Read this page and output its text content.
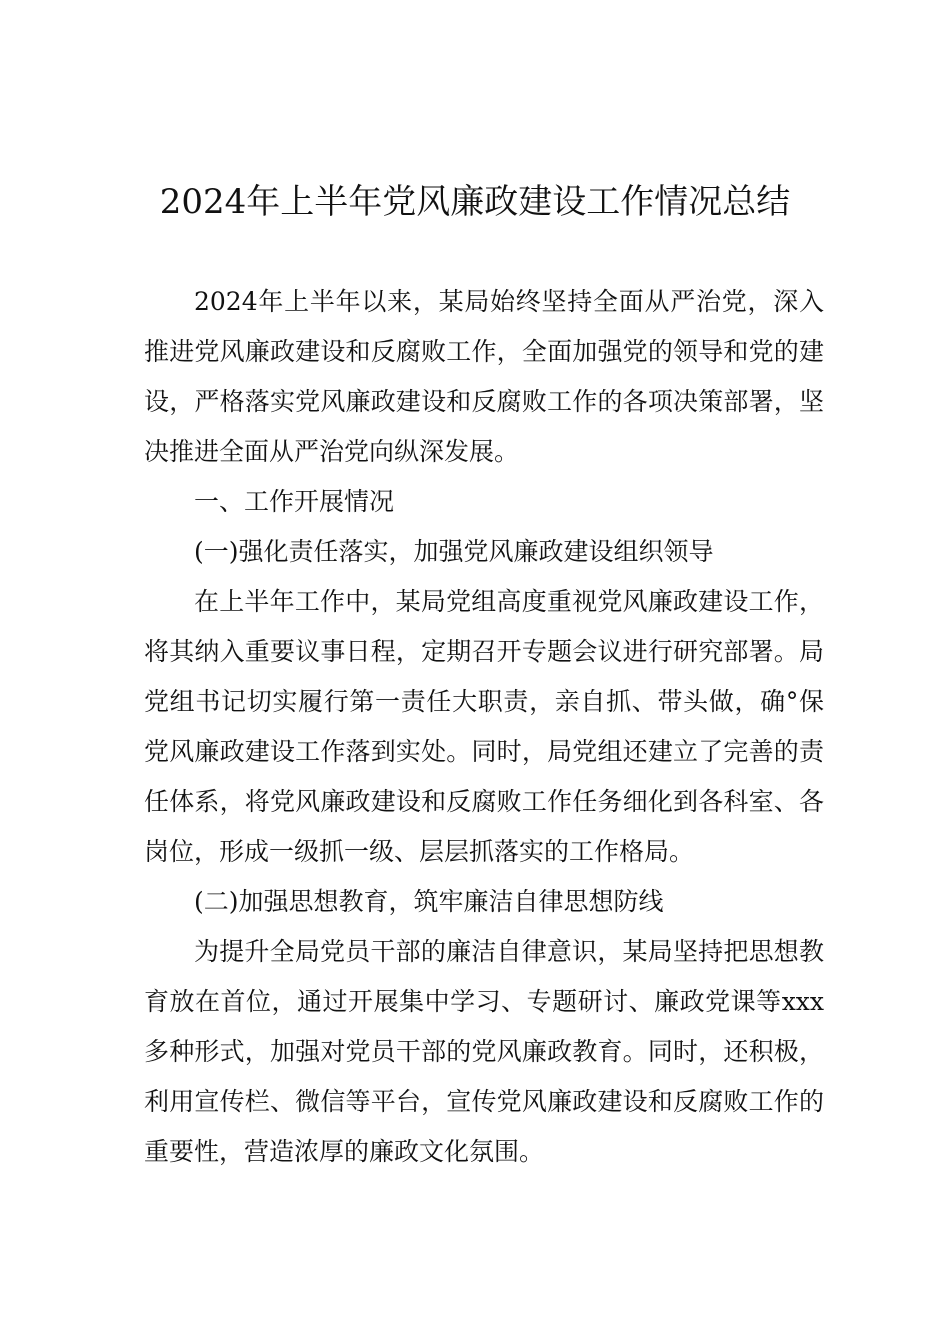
2024年上半年党风廉政建设工作情况总结

2024年上半年以来，某局始终坚持全面从严治党，深入推进党风廉政建设和反腐败工作，全面加强党的领导和党的建设，严格落实党风廉政建设和反腐败工作的各项决策部署，坚决推进全面从严治党向纵深发展。

一、工作开展情况

(一)强化责任落实，加强党风廉政建设组织领导

在上半年工作中，某局党组高度重视党风廉政建设工作，将其纳入重要议事日程，定期召开专题会议进行研究部署。局党组书记切实履行第一责任大职责，亲自抓、带头做，确°保党风廉政建设工作落到实处。同时，局党组还建立了完善的责任体系，将党风廉政建设和反腐败工作任务细化到各科室、各岗位，形成一级抓一级、层层抓落实的工作格局。

(二)加强思想教育，筑牢廉洁自律思想防线

为提升全局党员干部的廉洁自律意识，某局坚持把思想教育放在首位，通过开展集中学习、专题研讨、廉政党课等xxx多种形式，加强对党员干部的党风廉政教育。同时，还积极，利用宣传栏、微信等平台，宣传党风廉政建设和反腐败工作的重要性，营造浓厚的廉政文化氛围。
